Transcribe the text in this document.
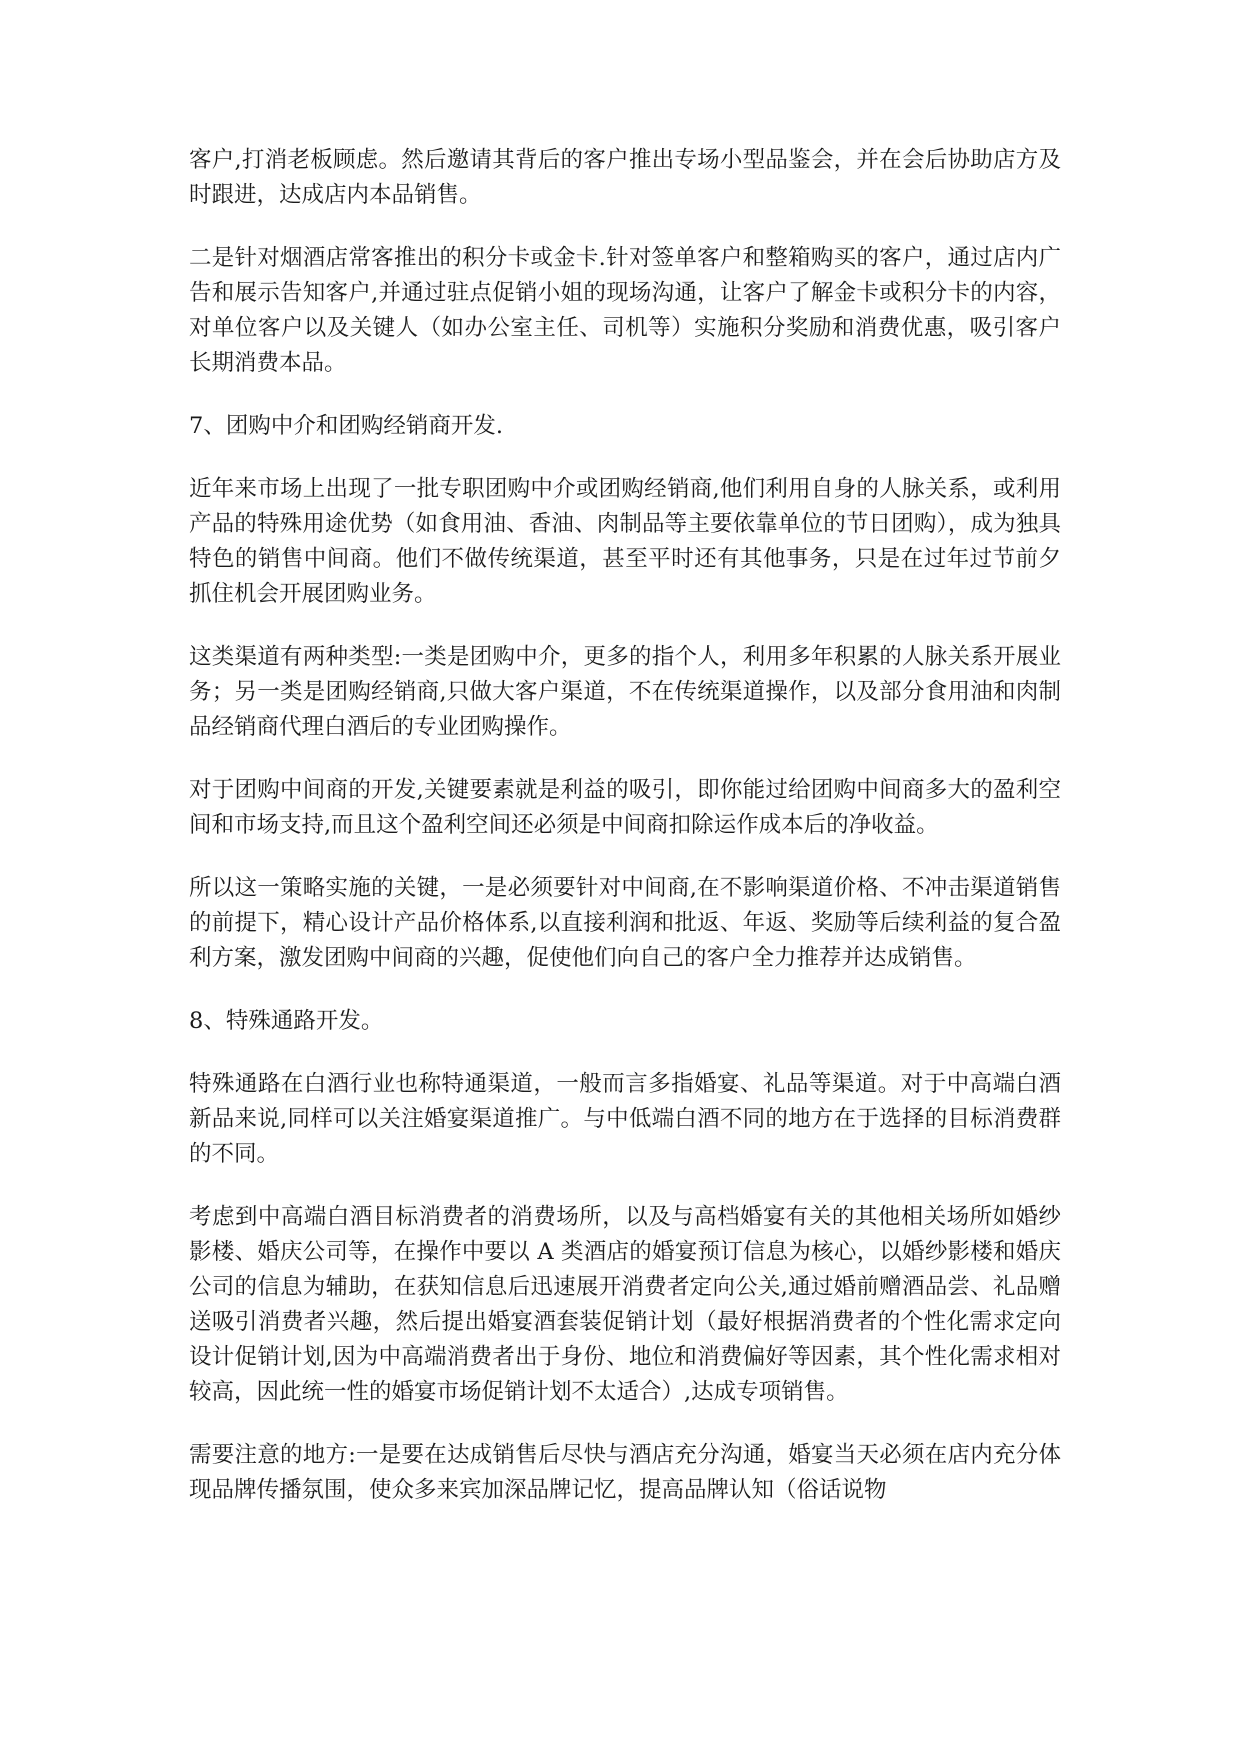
客户,打消老板顾虑。然后邀请其背后的客户推出专场小型品鉴会，并在会后协助店方及时跟进，达成店内本品销售。

二是针对烟酒店常客推出的积分卡或金卡.针对签单客户和整箱购买的客户，通过店内广告和展示告知客户,并通过驻点促销小姐的现场沟通，让客户了解金卡或积分卡的内容，对单位客户以及关键人（如办公室主任、司机等）实施积分奖励和消费优惠，吸引客户长期消费本品。

7、团购中介和团购经销商开发.

近年来市场上出现了一批专职团购中介或团购经销商,他们利用自身的人脉关系，或利用产品的特殊用途优势（如食用油、香油、肉制品等主要依靠单位的节日团购），成为独具特色的销售中间商。他们不做传统渠道，甚至平时还有其他事务，只是在过年过节前夕抓住机会开展团购业务。

这类渠道有两种类型:一类是团购中介，更多的指个人，利用多年积累的人脉关系开展业务；另一类是团购经销商,只做大客户渠道，不在传统渠道操作，以及部分食用油和肉制品经销商代理白酒后的专业团购操作。

对于团购中间商的开发,关键要素就是利益的吸引，即你能过给团购中间商多大的盈利空间和市场支持,而且这个盈利空间还必须是中间商扣除运作成本后的净收益。

所以这一策略实施的关键，一是必须要针对中间商,在不影响渠道价格、不冲击渠道销售的前提下，精心设计产品价格体系,以直接利润和批返、年返、奖励等后续利益的复合盈利方案，激发团购中间商的兴趣，促使他们向自己的客户全力推荐并达成销售。

8、特殊通路开发。

特殊通路在白酒行业也称特通渠道，一般而言多指婚宴、礼品等渠道。对于中高端白酒新品来说,同样可以关注婚宴渠道推广。与中低端白酒不同的地方在于选择的目标消费群的不同。

考虑到中高端白酒目标消费者的消费场所，以及与高档婚宴有关的其他相关场所如婚纱影楼、婚庆公司等，在操作中要以 A 类酒店的婚宴预订信息为核心，以婚纱影楼和婚庆公司的信息为辅助，在获知信息后迅速展开消费者定向公关,通过婚前赠酒品尝、礼品赠送吸引消费者兴趣，然后提出婚宴酒套装促销计划（最好根据消费者的个性化需求定向设计促销计划,因为中高端消费者出于身份、地位和消费偏好等因素，其个性化需求相对较高，因此统一性的婚宴市场促销计划不太适合）,达成专项销售。

需要注意的地方:一是要在达成销售后尽快与酒店充分沟通，婚宴当天必须在店内充分体现品牌传播氛围，使众多来宾加深品牌记忆，提高品牌认知（俗话说物
